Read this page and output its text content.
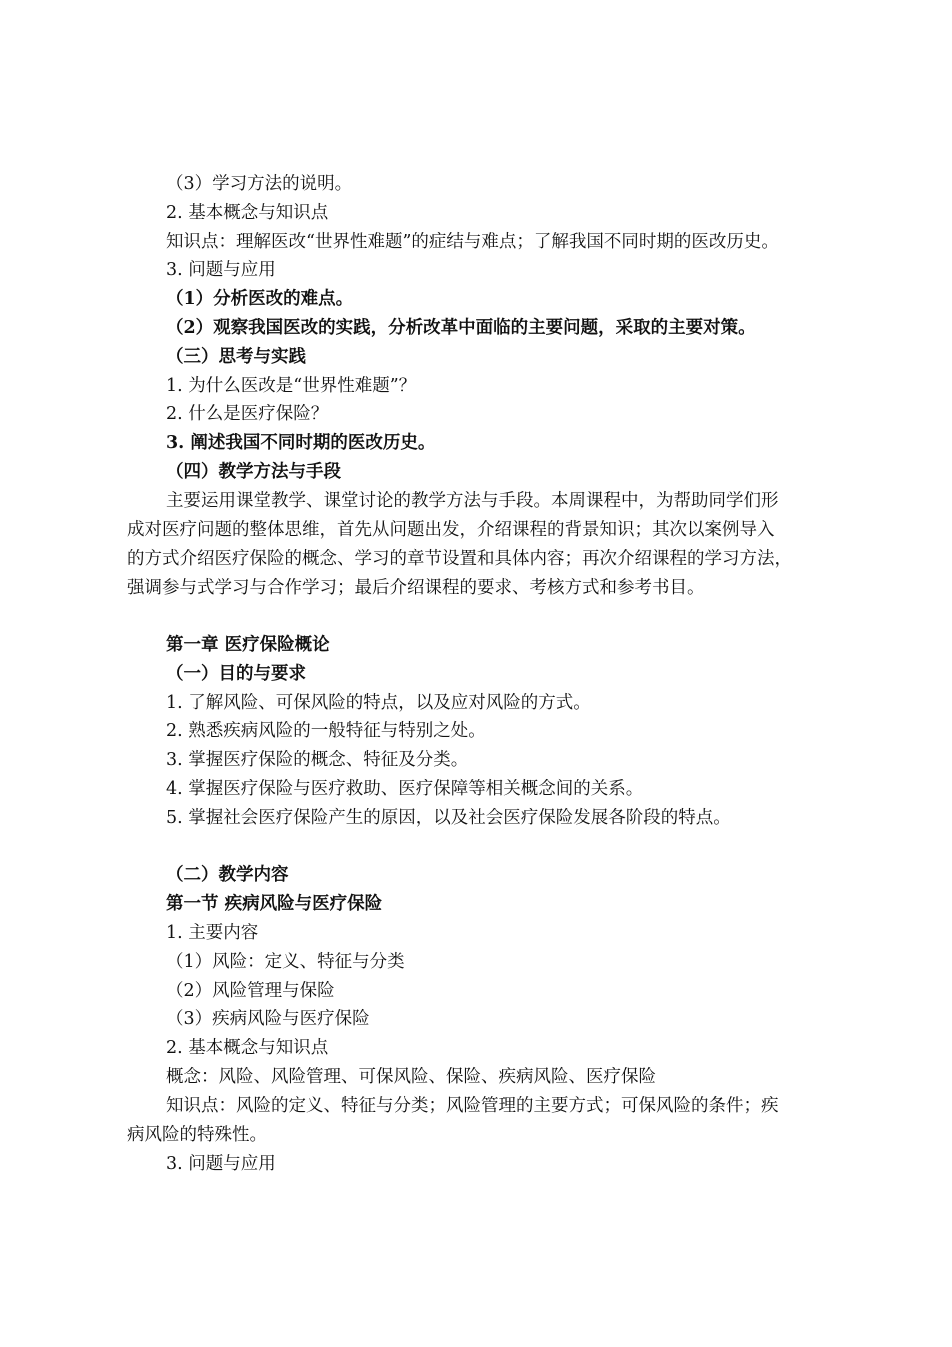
（3）学习方法的说明。
2. 基本概念与知识点
知识点：理解医改“世界性难题”的症结与难点；了解我国不同时期的医改历史。
3. 问题与应用
（1）分析医改的难点。
（2）观察我国医改的实践，分析改革中面临的主要问题，采取的主要对策。
（三）思考与实践
1. 为什么医改是“世界性难题”？
2. 什么是医疗保险？
3. 阐述我国不同时期的医改历史。
（四）教学方法与手段
主要运用课堂教学、课堂讨论的教学方法与手段。本周课程中，为帮助同学们形
成对医疗问题的整体思维，首先从问题出发，介绍课程的背景知识；其次以案例导入
的方式介绍医疗保险的概念、学习的章节设置和具体内容；再次介绍课程的学习方法，
强调参与式学习与合作学习；最后介绍课程的要求、考核方式和参考书目。
第一章 医疗保险概论
（一）目的与要求
1. 了解风险、可保风险的特点，以及应对风险的方式。
2. 熟悉疾病风险的一般特征与特别之处。
3. 掌握医疗保险的概念、特征及分类。
4. 掌握医疗保险与医疗救助、医疗保障等相关概念间的关系。
5. 掌握社会医疗保险产生的原因，以及社会医疗保险发展各阶段的特点。
（二）教学内容
第一节 疾病风险与医疗保险
1. 主要内容
（1）风险：定义、特征与分类
（2）风险管理与保险
（3）疾病风险与医疗保险
2. 基本概念与知识点
概念：风险、风险管理、可保风险、保险、疾病风险、医疗保险
知识点：风险的定义、特征与分类；风险管理的主要方式；可保风险的条件；疾
病风险的特殊性。
3. 问题与应用
